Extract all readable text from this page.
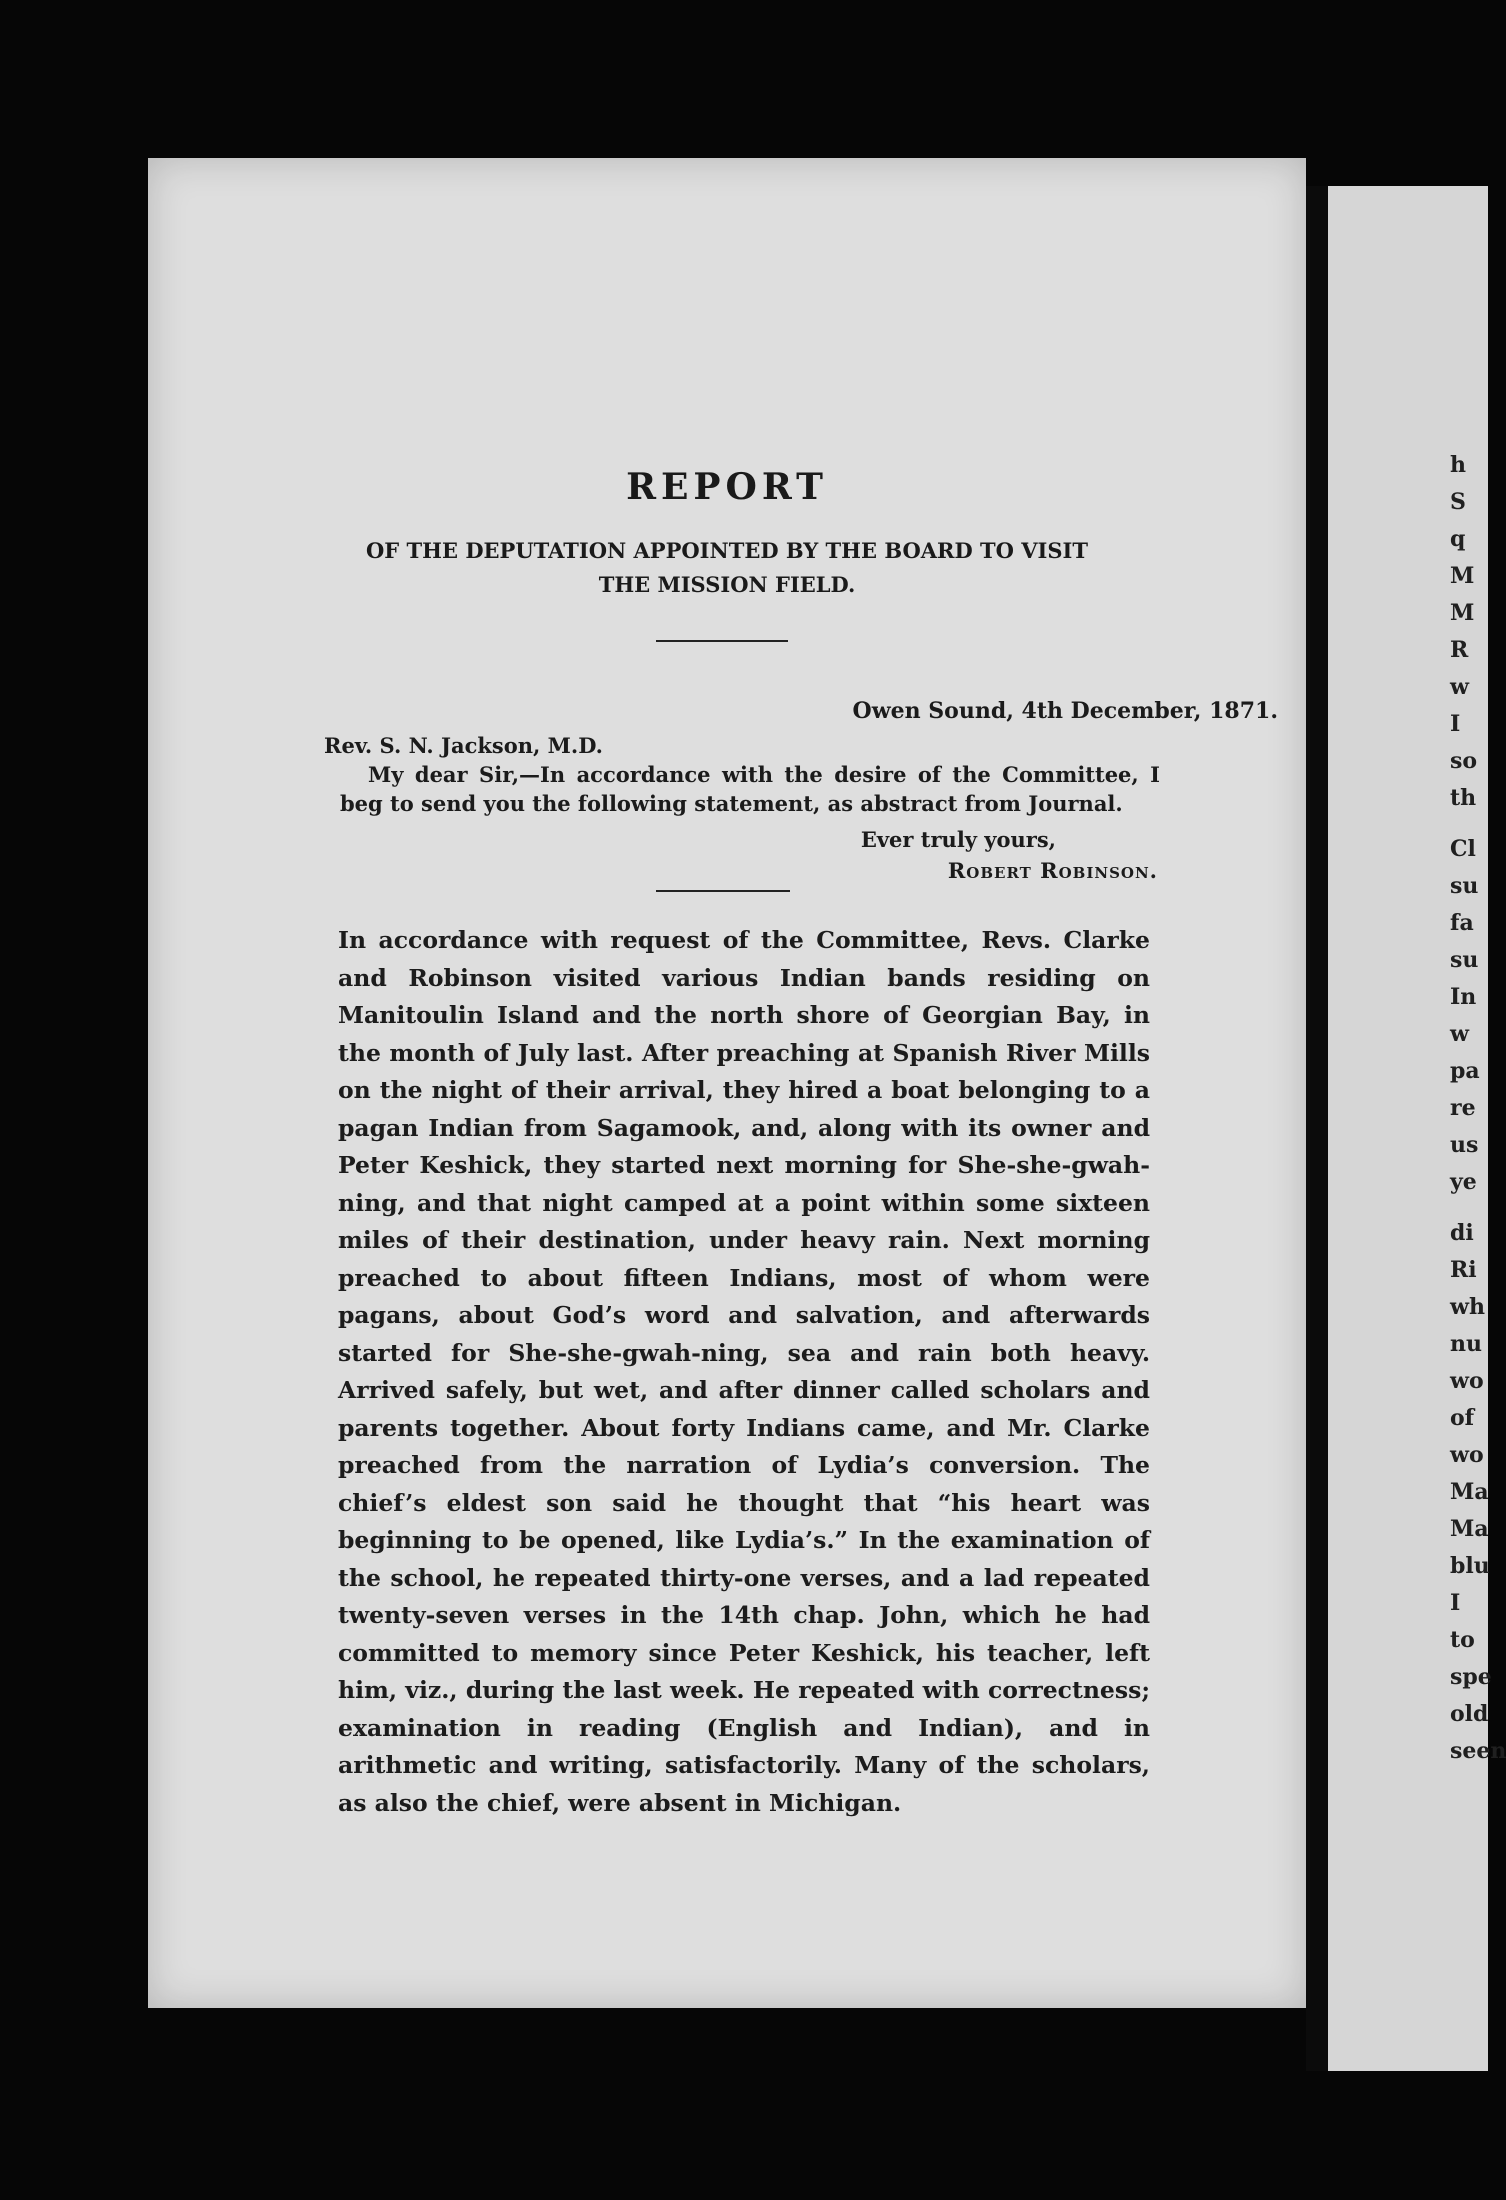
REPORT
OF THE DEPUTATION APPOINTED BY THE BOARD TO VISIT
THE MISSION FIELD.
Owen Sound, 4th December, 1871.
Rev. S. N. Jackson, M.D.

My dear Sir,—In accordance with the desire of the Committee, I beg to send you the following statement, as abstract from Journal.

Ever truly yours,
Robert Robinson.

In accordance with request of the Committee, Revs. Clarke and Robinson visited various Indian bands residing on Manitoulin Island and the north shore of Georgian Bay, in the month of July last. After preaching at Spanish River Mills on the night of their arrival, they hired a boat belonging to a pagan Indian from Sagamook, and, along with its owner and Peter Keshick, they started next morning for She-she-gwah-ning, and that night camped at a point within some sixteen miles of their destination, under heavy rain. Next morning preached to about fifteen Indians, most of whom were pagans, about God’s word and salvation, and afterwards started for She-she-gwah-ning, sea and rain both heavy. Arrived safely, but wet, and after dinner called scholars and parents together. About forty Indians came, and Mr. Clarke preached from the narration of Lydia’s conversion. The chief’s eldest son said he thought that “his heart was beginning to be opened, like Lydia’s.” In the examination of the school, he repeated thirty-one verses, and a lad repeated twenty-seven verses in the 14th chap. John, which he had committed to memory since Peter Keshick, his teacher, left him, viz., during the last week. He repeated with correctness; examination in reading (English and Indian), and in arithmetic and writing, satisfactorily. Many of the scholars, as also the chief, were absent in Michigan.

h
S
q
M
M
R
w
I
so
th
Cl
su
fa
su
In
w
pa
re
us
ye
di
Ri
wh
nu
wo
of
wo
Ma
Ma
blu
I
to
spe
old
seen
